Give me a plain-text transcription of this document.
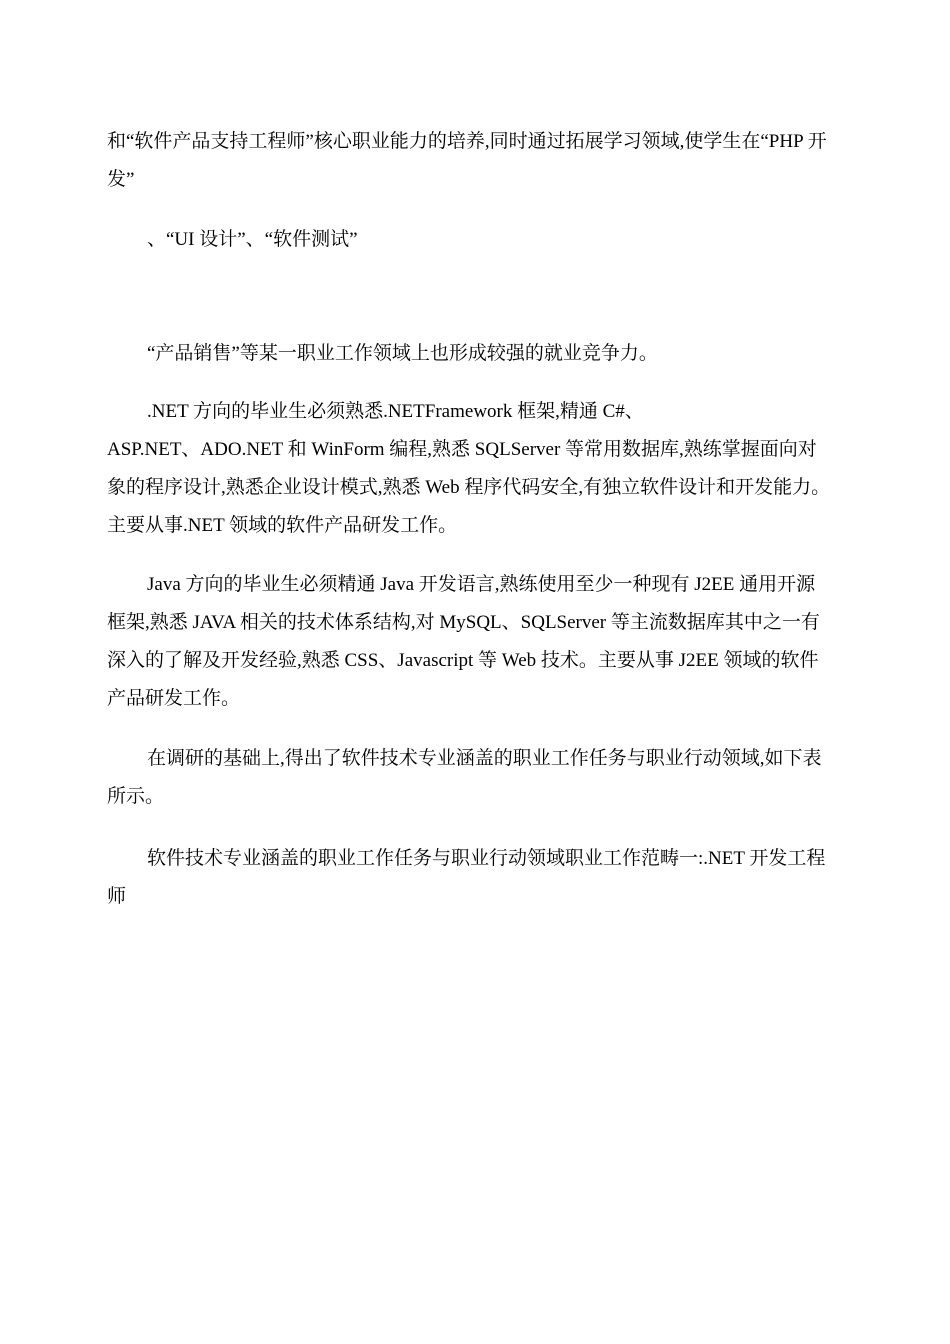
和“软件产品支持工程师”核心职业能力的培养,同时通过拓展学习领域,使学生在“PHP 开
发”
、“UI 设计”、“软件测试”
“产品销售”等某一职业工作领域上也形成较强的就业竞争力。
.NET 方向的毕业生必须熟悉.NETFramework 框架,精通 C#、
ASP.NET、ADO.NET 和 WinForm 编程,熟悉 SQLServer 等常用数据库,熟练掌握面向对
象的程序设计,熟悉企业设计模式,熟悉 Web 程序代码安全,有独立软件设计和开发能力。
主要从事.NET 领域的软件产品研发工作。
Java 方向的毕业生必须精通 Java 开发语言,熟练使用至少一种现有 J2EE 通用开源
框架,熟悉 JAVA 相关的技术体系结构,对 MySQL、SQLServer 等主流数据库其中之一有
深入的了解及开发经验,熟悉 CSS、Javascript 等 Web 技术。主要从事 J2EE 领域的软件
产品研发工作。
在调研的基础上,得出了软件技术专业涵盖的职业工作任务与职业行动领域,如下表
所示。
软件技术专业涵盖的职业工作任务与职业行动领域职业工作范畴一:.NET 开发工程
师
